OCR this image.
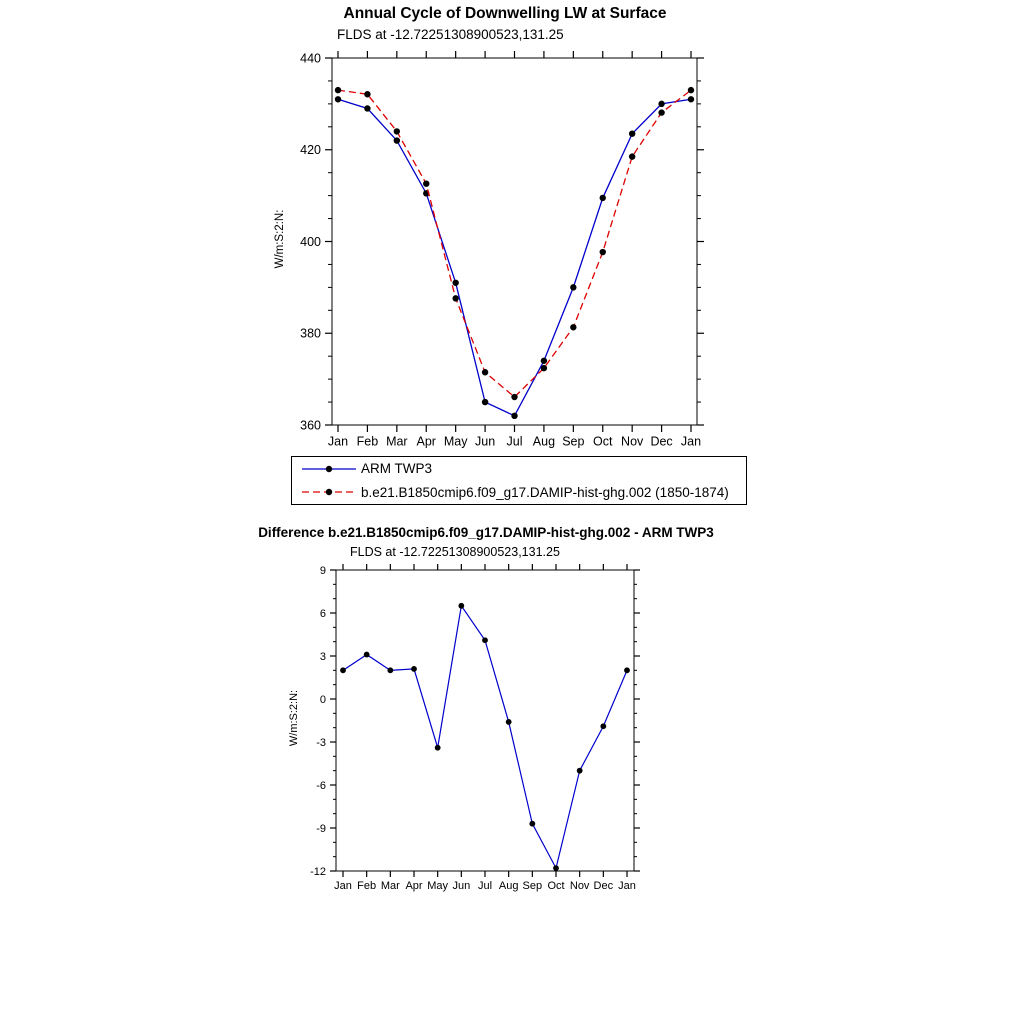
Annual Cycle of Downwelling LW at Surface
FLDS at -12.72251308900523,131.25
W/m:S:2:N:
360
380
400
420
440
Jan Feb Mar Apr May Jun Jul Aug Sep Oct Nov Dec Jan
ARM TWP3
b.e21.B1850cmip6.f09_g17.DAMIP-hist-ghg.002 (1850-1874)
Difference b.e21.B1850cmip6.f09_g17.DAMIP-hist-ghg.002 - ARM TWP3
FLDS at -12.72251308900523,131.25
W/m:S:2:N:
-12
-9
-6
-3
0
3
6
9
Jan Feb Mar Apr May Jun Jul Aug Sep Oct Nov Dec Jan
